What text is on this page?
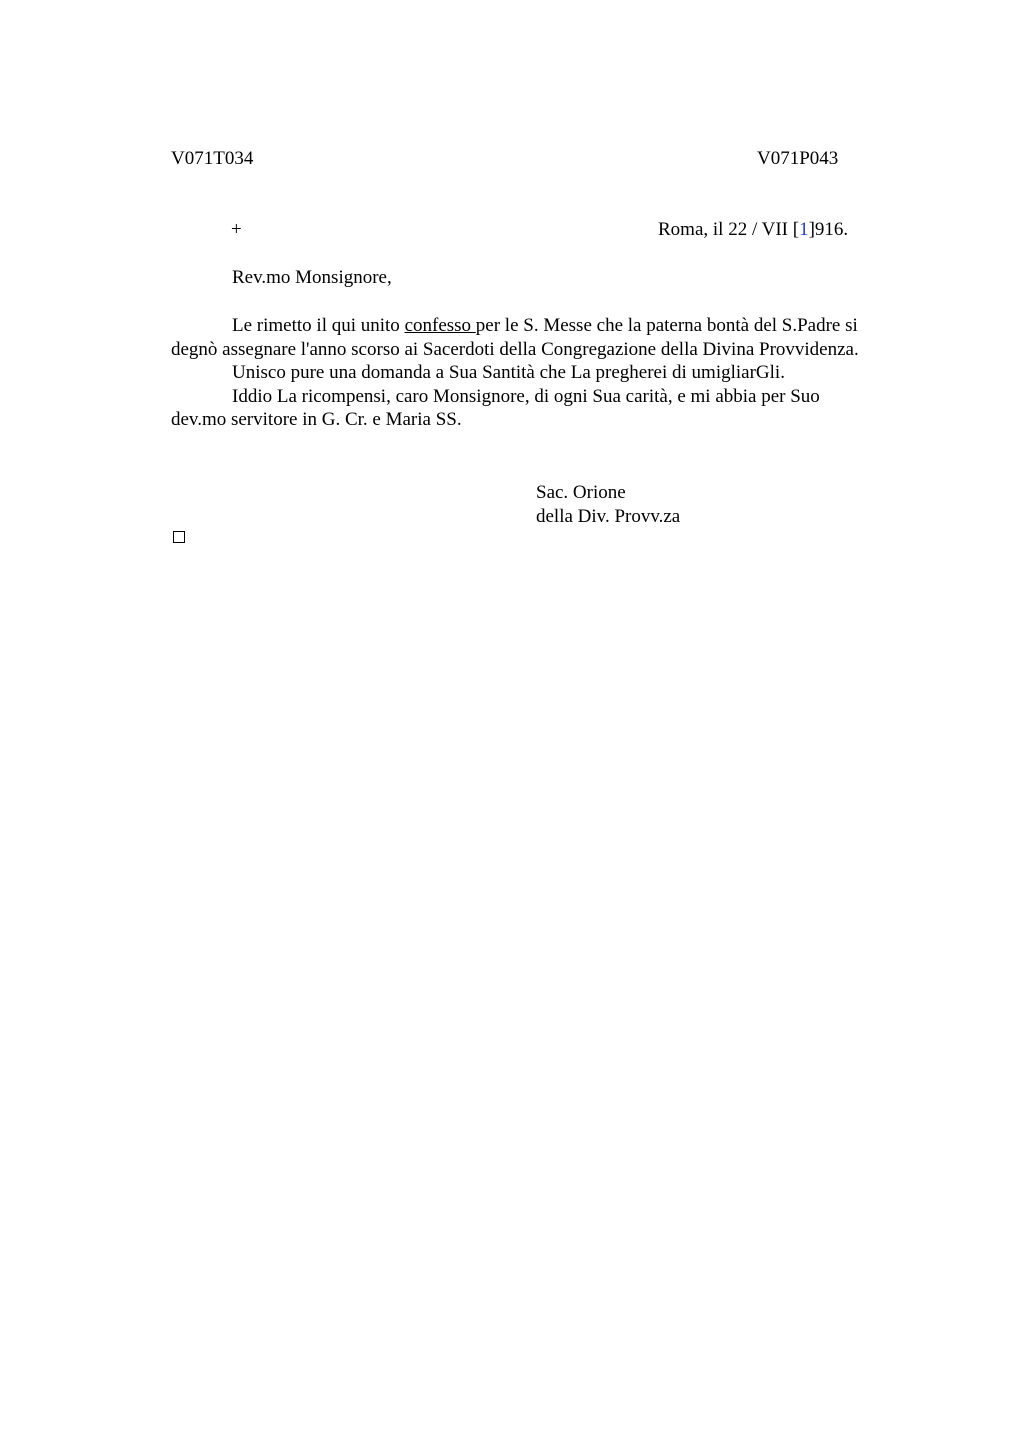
V071T034	V071P043
+	Roma, il 22 / VII [1]916.
Rev.mo Monsignore,
Le rimetto il qui unito confesso per le S. Messe che la paterna bontà del S.Padre si
degnò assegnare l'anno scorso ai Sacerdoti della Congregazione della Divina Provvidenza.
Unisco pure una domanda a Sua Santità che La pregherei di umigliarGli.
Iddio La ricompensi, caro Monsignore, di ogni Sua carità, e mi abbia per Suo
dev.mo servitore in G. Cr. e Maria SS.
Sac. Orione
della Div. Provv.za
